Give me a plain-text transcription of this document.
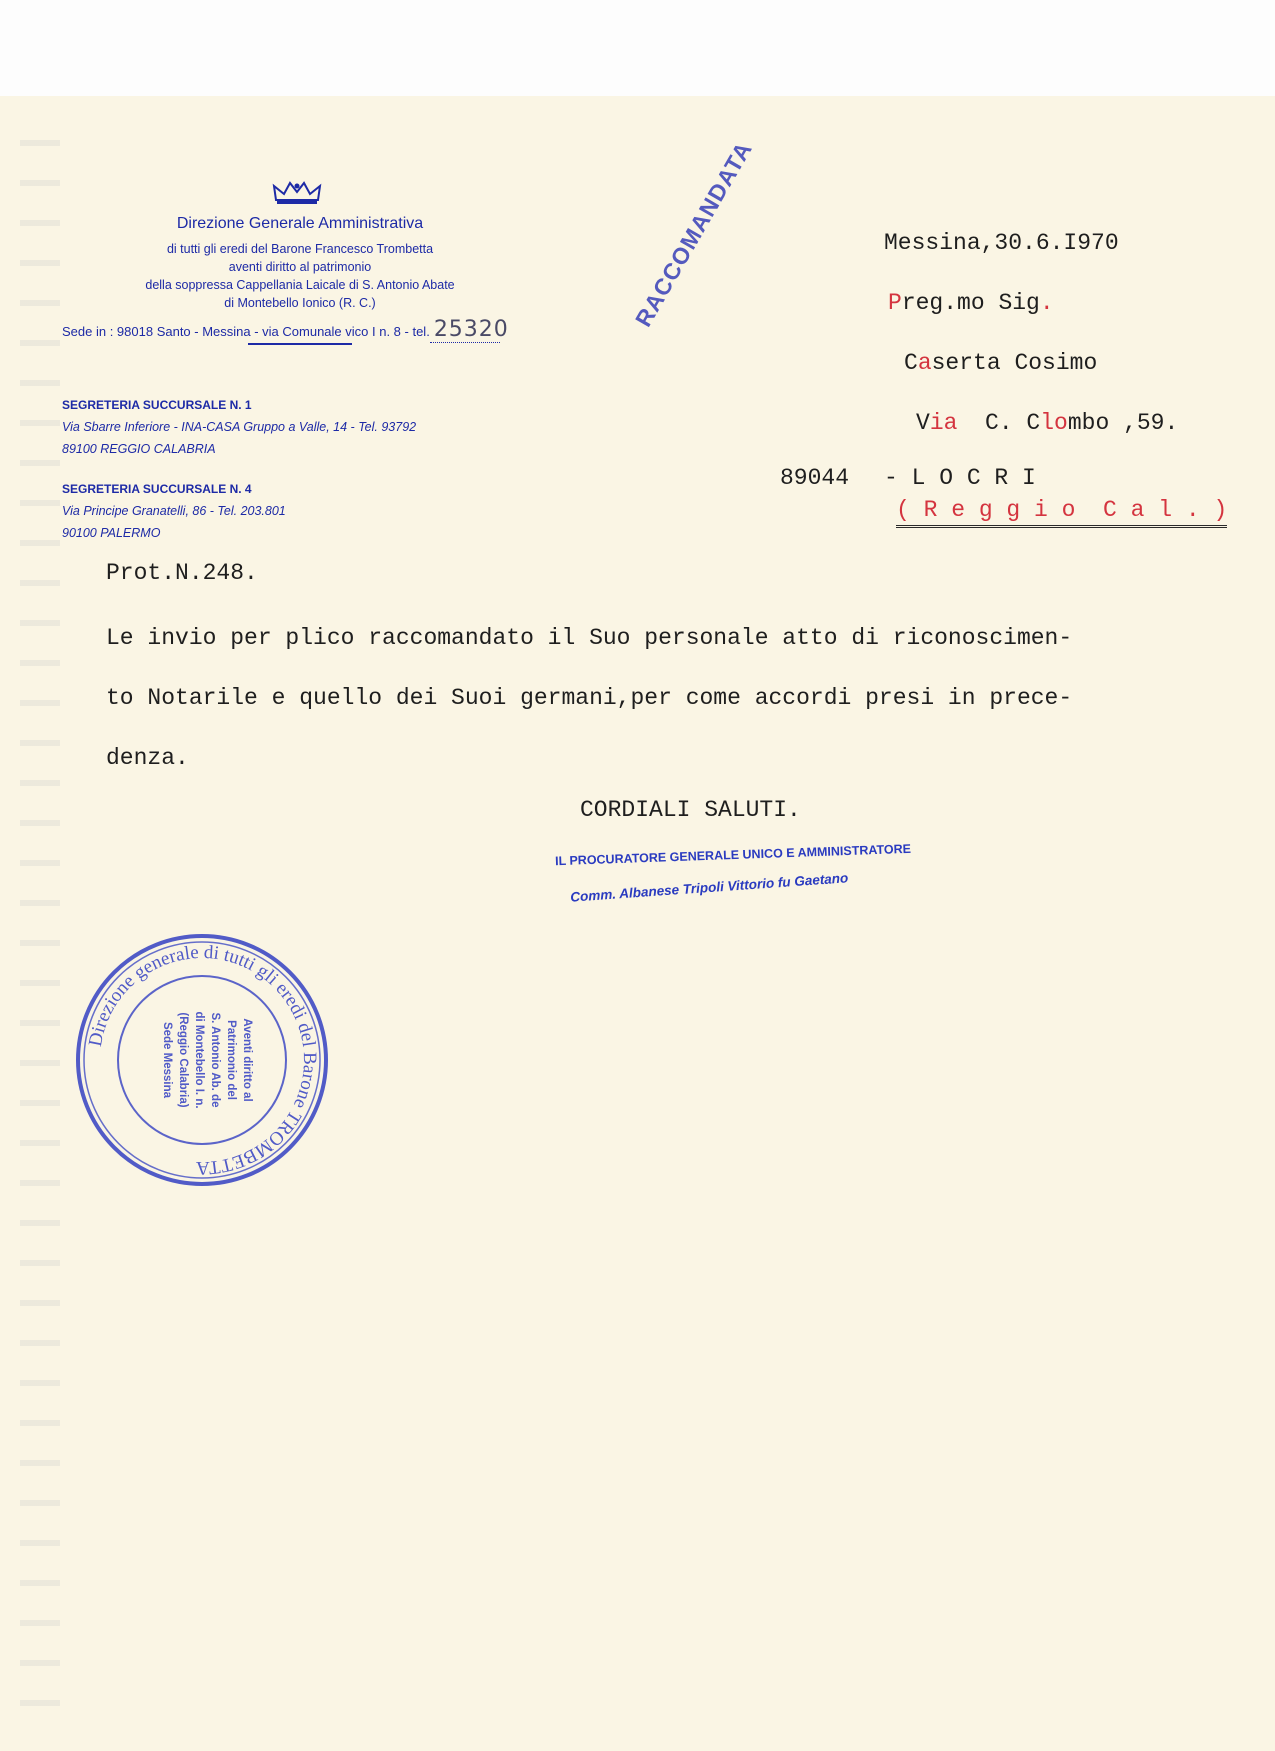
Direzione Generale Amministrativa
di tutti gli eredi del Barone Francesco Trombetta
aventi diritto al patrimonio
della soppressa Cappellania Laicale di S. Antonio Abate
di Montebello Ionico (R. C.)
Sede in : 98018 Santo - Messina - via Comunale vico I n. 8 - tel. 25320
SEGRETERIA SUCCURSALE N. 1
Via Sbarre Inferiore - INA-CASA Gruppo a Valle, 14 - Tel. 93792
89100 REGGIO CALABRIA
SEGRETERIA SUCCURSALE N. 4
Via Principe Granatelli, 86 - Tel. 203.801
90100 PALERMO
RACCOMANDATA	Messina,30.6.I970
Preg.mo Sig.
Caserta Cosimo
Via  C. Clombo ,59.
89044 - L O C R I
( R e g g i o  C a l . )
Prot.N.248.
Le invio per plico raccomandato il Suo personale atto di riconoscimen-
to Notarile e quello dei Suoi germani,per come accordi presi in prece-
denza.
CORDIALI SALUTI.
IL PROCURATORE GENERALE UNICO E AMMINISTRATORE
Comm. Albanese Tripoli Vittorio fu Gaetano
Direzione generale di tutti gli eredi del Barone TROMBETTA
Aventi diritto al
Patrimonio del
S. Antonio Ab. de
di Montebello I. n.
(Reggio Calabria)
Sede Messina
